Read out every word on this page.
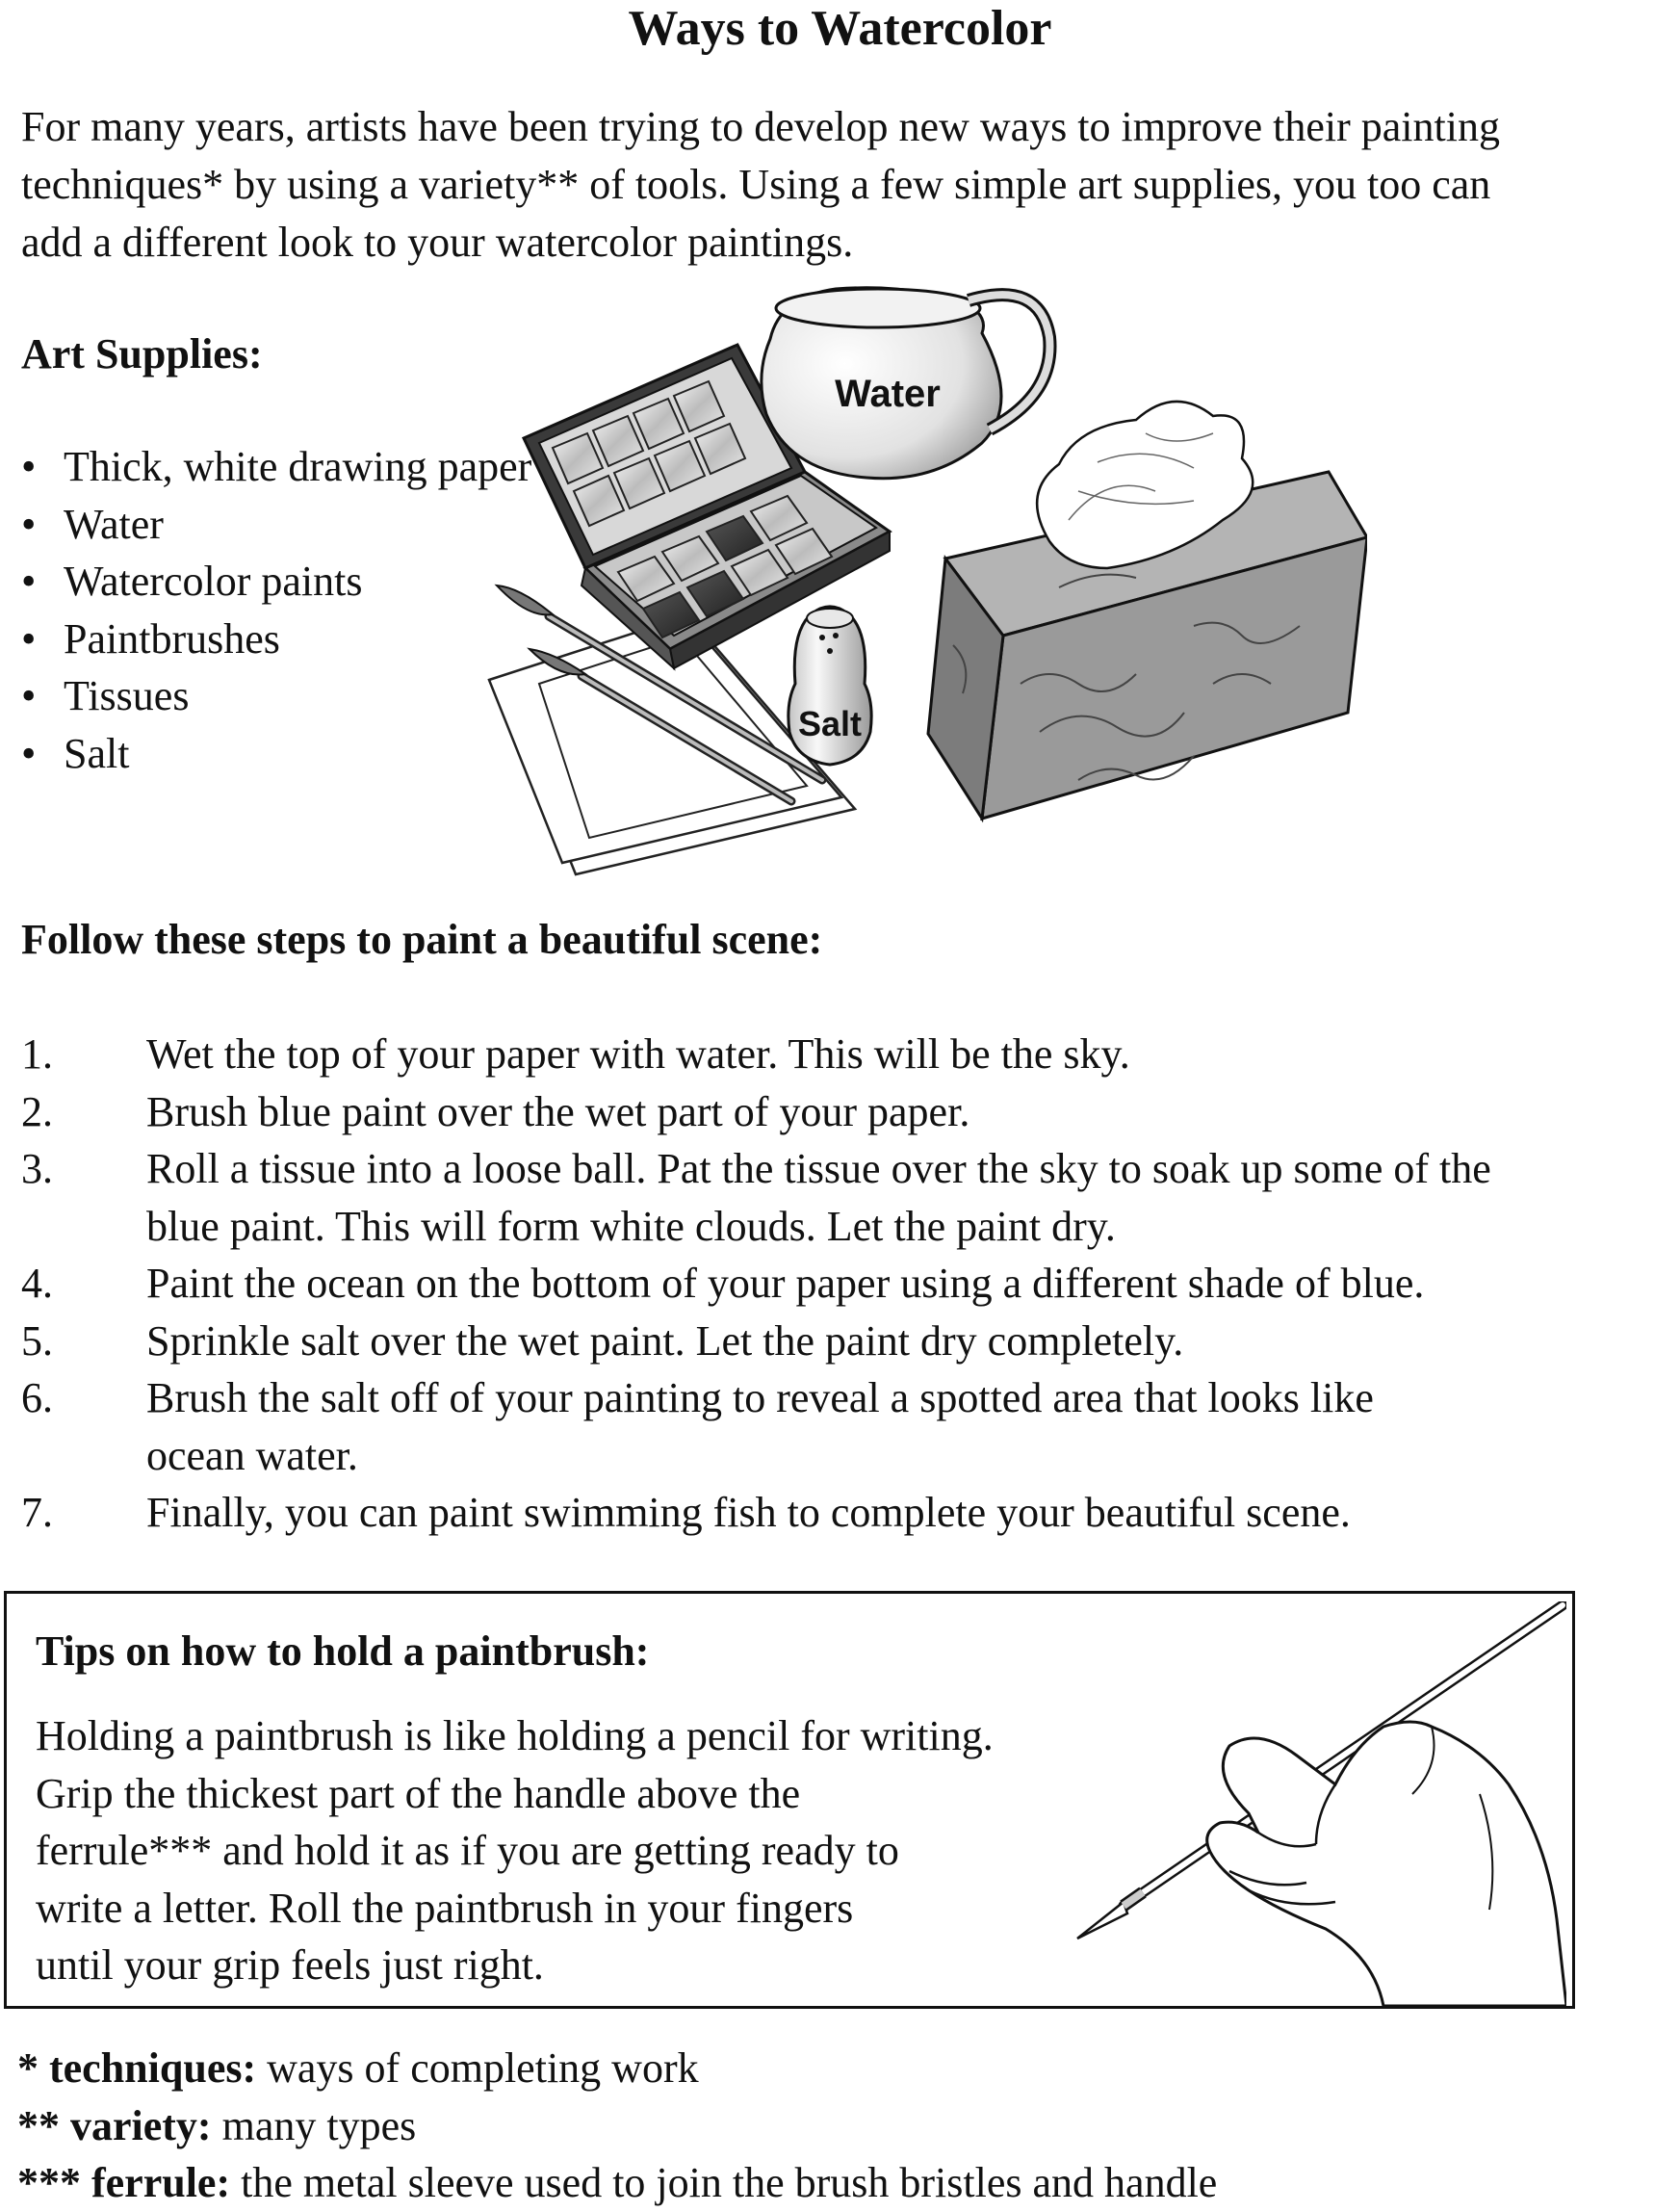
Ways to Watercolor
For many years, artists have been trying to develop new ways to improve their painting
techniques* by using a variety** of tools. Using a few simple art supplies, you too can
add a different look to your watercolor paintings.
Art Supplies:
• Thick, white drawing paper
• Water
• Watercolor paints
• Paintbrushes
• Tissues
• Salt
Water
Salt
Follow these steps to paint a beautiful scene:
1. Wet the top of your paper with water. This will be the sky.
2. Brush blue paint over the wet part of your paper.
3. Roll a tissue into a loose ball. Pat the tissue over the sky to soak up some of the
blue paint. This will form white clouds. Let the paint dry.
4. Paint the ocean on the bottom of your paper using a different shade of blue.
5. Sprinkle salt over the wet paint. Let the paint dry completely.
6. Brush the salt off of your painting to reveal a spotted area that looks like
ocean water.
7. Finally, you can paint swimming fish to complete your beautiful scene.
Tips on how to hold a paintbrush:
Holding a paintbrush is like holding a pencil for writing.
Grip the thickest part of the handle above the
ferrule*** and hold it as if you are getting ready to
write a letter. Roll the paintbrush in your fingers
until your grip feels just right.
* techniques: ways of completing work
** variety: many types
*** ferrule: the metal sleeve used to join the brush bristles and handle
